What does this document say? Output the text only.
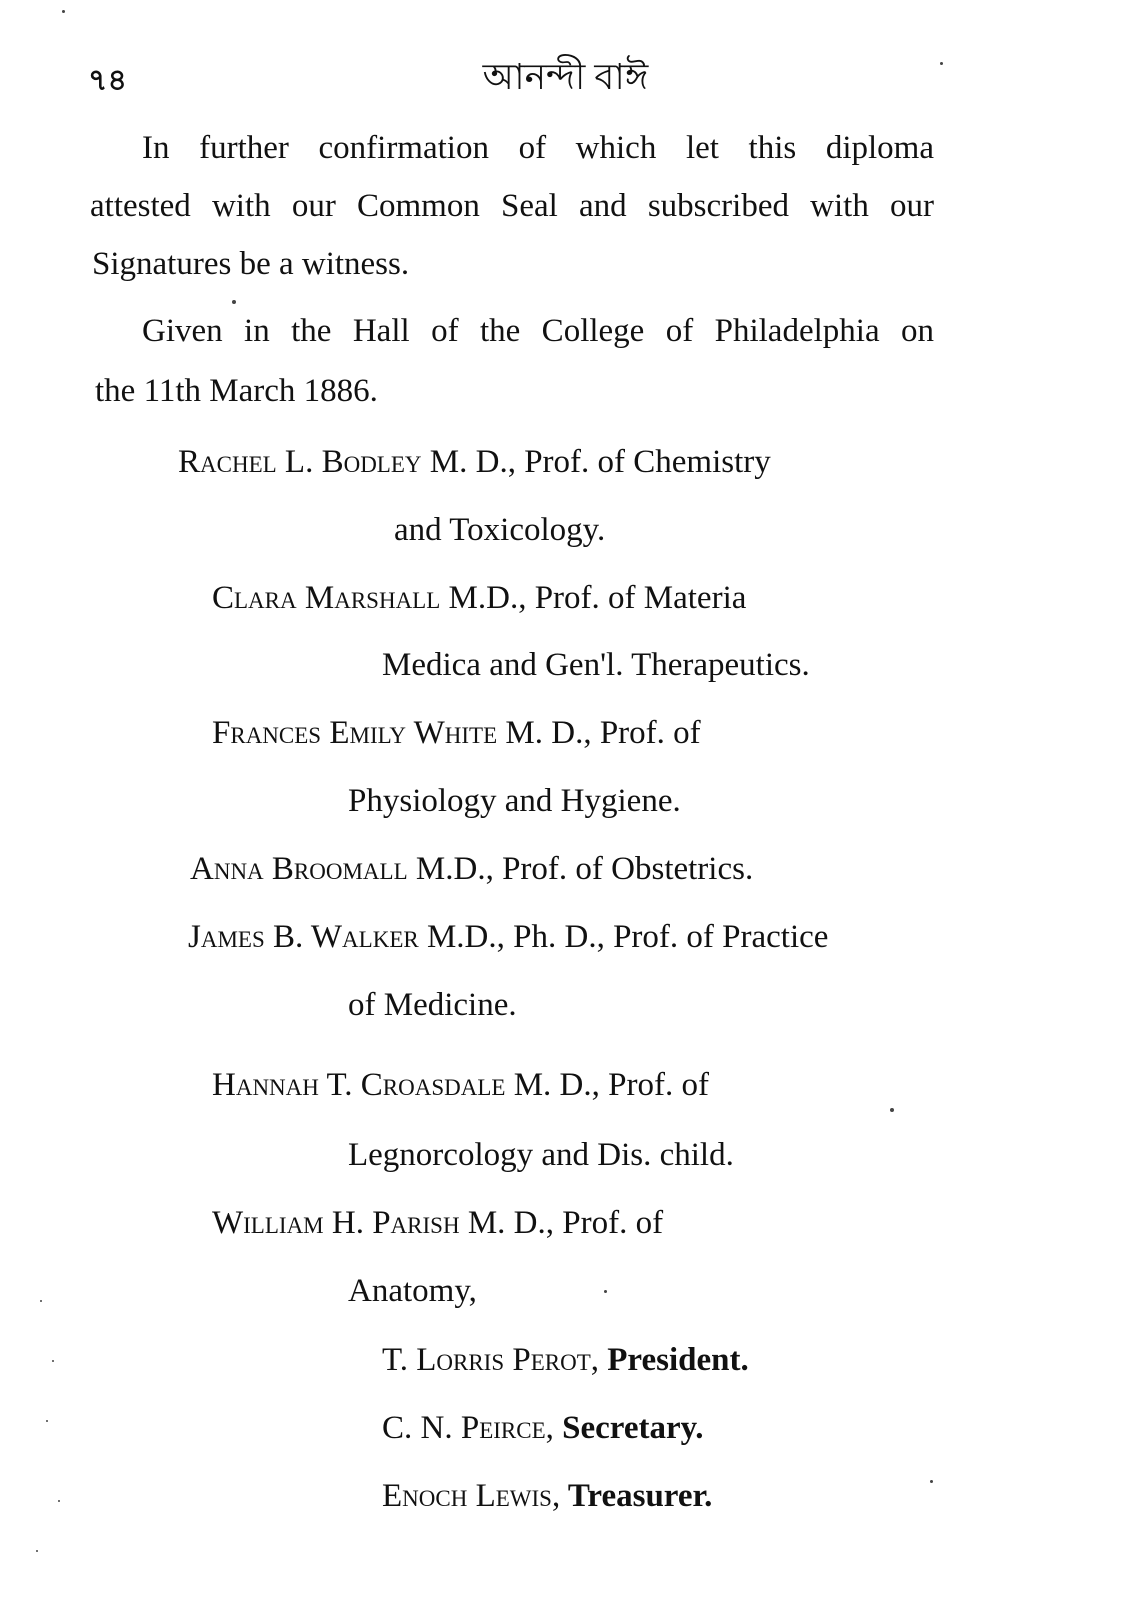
৭৪	আনন্দী বাঈ
In further confirmation of which let this diploma
attested with our Common Seal and subscribed with our
Signatures be a witness.
Given in the Hall of the College of Philadelphia on
the 11th March 1886.
Rachel L. Bodley M. D., Prof. of Chemistry
and Toxicology.
Clara Marshall M.D., Prof. of Materia
Medica and Gen'l. Therapeutics.
Frances Emily White M. D., Prof. of
Physiology and Hygiene.
Anna Broomall M.D., Prof. of Obstetrics.
James B. Walker M.D., Ph. D., Prof. of Practice
of Medicine.
Hannah T. Croasdale M. D., Prof. of
Legnorcology and Dis. child.
William H. Parish M. D., Prof. of
Anatomy,
T. Lorris Perot, President.
C. N. Peirce, Secretary.
Enoch Lewis, Treasurer.
